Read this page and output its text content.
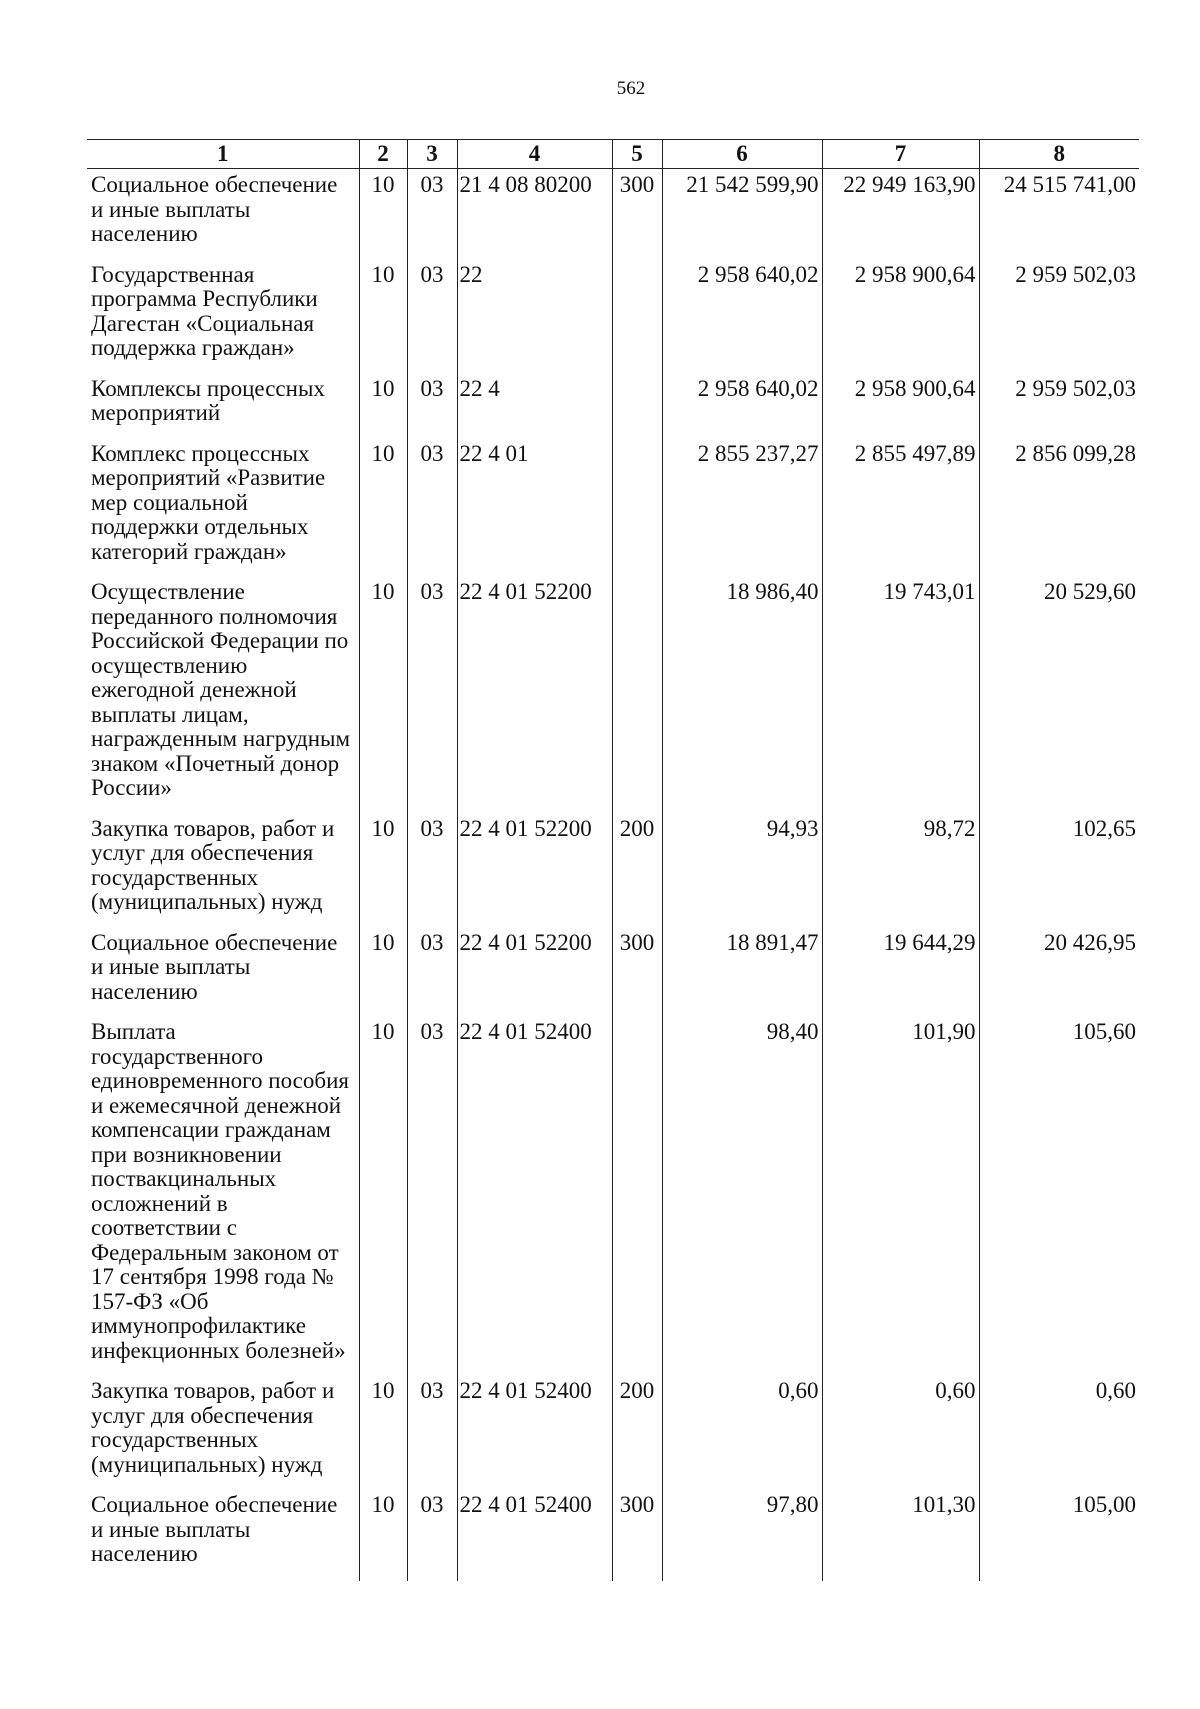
562
1	2	3	4	5	6	7	8
Социальное обеспечение и иные выплаты населению	10	03	21 4 08 80200	300	21 542 599,90	22 949 163,90	24 515 741,00
Государственная программа Республики Дагестан «Социальная поддержка граждан»	10	03	22		2 958 640,02	2 958 900,64	2 959 502,03
Комплексы процессных мероприятий	10	03	22 4		2 958 640,02	2 958 900,64	2 959 502,03
Комплекс процессных мероприятий «Развитие мер социальной поддержки отдельных категорий граждан»	10	03	22 4 01		2 855 237,27	2 855 497,89	2 856 099,28
Осуществление переданного полномочия Российской Федерации по осуществлению ежегодной денежной выплаты лицам, награжденным нагрудным знаком «Почетный донор России»	10	03	22 4 01 52200		18 986,40	19 743,01	20 529,60
Закупка товаров, работ и услуг для обеспечения государственных (муниципальных) нужд	10	03	22 4 01 52200	200	94,93	98,72	102,65
Социальное обеспечение и иные выплаты населению	10	03	22 4 01 52200	300	18 891,47	19 644,29	20 426,95
Выплата государственного единовременного пособия и ежемесячной денежной компенсации гражданам при возникновении поствакцинальных осложнений в соответствии с Федеральным законом от 17 сентября 1998 года № 157-ФЗ «Об иммунопрофилактике инфекционных болезней»	10	03	22 4 01 52400		98,40	101,90	105,60
Закупка товаров, работ и услуг для обеспечения государственных (муниципальных) нужд	10	03	22 4 01 52400	200	0,60	0,60	0,60
Социальное обеспечение и иные выплаты населению	10	03	22 4 01 52400	300	97,80	101,30	105,00
